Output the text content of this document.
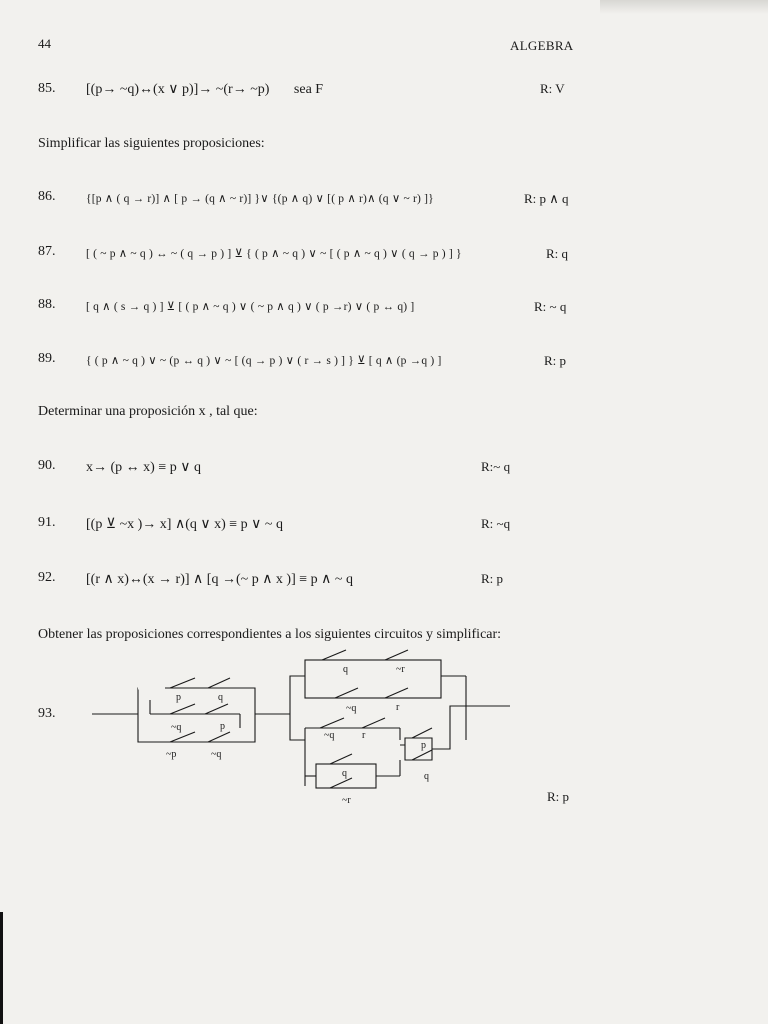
44	ALGEBRA
85. [(p→ ~q)↔(x ∨ p)]→ ~(r→ ~p)       sea F	R: V
Simplificar las siguientes proposiciones:
86.	{[p ∧ ( q → r)] ∧ [ p → (q ∧ ~ r)] }∨ {(p ∧ q) ∨ [( p ∧ r)∧ (q ∨ ~ r) ]}	R: p ∧ q
87.	[ ( ~ p ∧ ~ q ) ↔ ~ ( q → p ) ] ⊻ { ( p ∧ ~ q ) ∨ ~ [ ( p ∧ ~ q ) ∨ ( q → p ) ] }	R: q
88.	[ q ∧ ( s → q ) ] ⊻ [ ( p ∧ ~ q ) ∨ ( ~ p ∧ q ) ∨ ( p →r) ∨ ( p ↔ q) ]	R: ~ q
89.	{ ( p ∧ ~ q ) ∨ ~ (p ↔ q ) ∨ ~ [ (q → p ) ∨ ( r → s ) ] } ⊻ [ q ∧ (p →q ) ]	R: p
Determinar una proposición x , tal que:
90. x→ (p ↔ x) ≡ p ∨ q	R:~ q
91. [(p ⊻ ~x )→ x] ∧(q ∨ x) ≡ p ∨ ~ q	R: ~q
92. [(r ∧ x)↔(x → r)] ∧ [q →(~ p ∧ x )] ≡ p ∧ ~ q	R: p
Obtener las proposiciones correspondientes a los siguientes circuitos y simplificar:
93.
p	q
~q	p
~p	~q
q	~r
~q	r
~q	r
p
q
q
~r	R: p
